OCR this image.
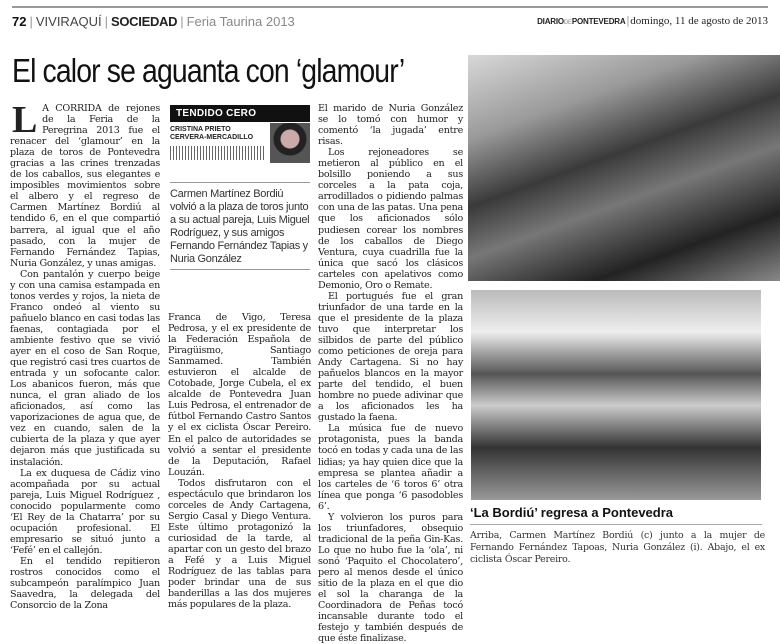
72 | VIVIRAQUÍ | SOCIEDAD | Feria Taurina 2013	DIARIODEPONTEVEDRA | domingo, 11 de agosto de 2013
El calor se aguanta con ‘glamour’

L A CORRIDA de rejones de la Feria de la Peregrina 2013 fue el renacer del ‘glamour’ en la plaza de toros de Pontevedra gracias a las crines trenzadas de los caballos, sus elegantes e imposibles movimientos sobre el albero y el regreso de Carmen Martínez Bordiú al tendido 6, en el que compartió barrera, al igual que el año pasado, con la mujer de Fernando Fernández Tapias, Nuria González, y unas amigas.

Con pantalón y cuerpo beige y con una camisa estampada en tonos verdes y rojos, la nieta de Franco ondeó al viento su pañuelo blanco en casi todas las faenas, contagiada por el ambiente festivo que se vivió ayer en el coso de San Roque, que registró casi tres cuartos de entrada y un sofocante calor. Los abanicos fueron, más que nunca, el gran aliado de los aficionados, así como las vaporizaciones de agua que, de vez en cuando, salen de la cubierta de la plaza y que ayer dejaron más que justificada su instalación.

La ex duquesa de Cádiz vino acompañada por su actual pareja, Luis Miguel Rodríguez , conocido popularmente como ‘El Rey de la Chatarra’ por su ocupación profesional. El empresario se situó junto a ‘Fefé’ en el callejón.

En el tendido repitieron rostros conocidos como el subcampeón paralímpico Juan Saavedra, la delegada del Consorcio de la Zona

TENDIDO CERO
CRISTINA PRIETO
CERVERA-MERCADILLO
Carmen Martínez Bordiú volvió a la plaza de toros junto a su actual pareja, Luis Miguel Rodríguez, y sus amigos Fernando Fernández Tapias y Nuria González

Franca de Vigo, Teresa Pedrosa, y el ex presidente de la Federación Española de Piragüismo, Santiago Sanmamed. También estuvieron el alcalde de Cotobade, Jorge Cubela, el ex alcalde de Pontevedra Juan Luis Pedrosa, el entrenador de fútbol Fernando Castro Santos y el ex ciclista Óscar Pereiro. En el palco de autoridades se volvió a sentar el presidente de la Deputación, Rafael Louzán.

Todos disfrutaron con el espectáculo que brindaron los corceles de Andy Cartagena, Sergio Casal y Diego Ventura. Este último protagonizó la curiosidad de la tarde, al apartar con un gesto del brazo a Fefé y a Luis Miguel Rodríguez de las tablas para poder brindar una de sus banderillas a las dos mujeres más populares de la plaza.

El marido de Nuria González se lo tomó con humor y comentó ‘la jugada’ entre risas.

Los rejoneadores se metieron al público en el bolsillo poniendo a sus corceles a la pata coja, arrodillados o pidiendo palmas con una de las patas. Una pena que los aficionados sólo pudiesen corear los nombres de los caballos de Diego Ventura, cuya cuadrilla fue la única que sacó los clásicos carteles con apelativos como Demonio, Oro o Remate.

El portugués fue el gran triunfador de una tarde en la que el presidente de la plaza tuvo que interpretar los silbidos de parte del público como peticiones de oreja para Andy Cartagena. Si no hay pañuelos blancos en la mayor parte del tendido, el buen hombre no puede adivinar que a los aficionados les ha gustado la faena.

La música fue de nuevo protagonista, pues la banda tocó en todas y cada una de las lidias; ya hay quien dice que la empresa se plantea añadir a los carteles de ‘6 toros 6’ otra línea que ponga ‘6 pasodobles 6’.

Y volvieron los puros para los triunfadores, obsequio tradicional de la peña Gin-Kas. Lo que no hubo fue la ‘ola’, ni sonó ‘Paquito el Chocolatero’, pero al menos desde el único sitio de la plaza en el que dio el sol la charanga de la Coordinadora de Peñas tocó incansable durante todo el festejo y también después de que éste finalizase.

‘La Bordiú’ regresa a Pontevedra
Arriba, Carmen Martínez Bordiú (c) junto a la mujer de Fernando Fernández Tapoas, Nuria González (i). Abajo, el ex ciclista Óscar Pereiro.
